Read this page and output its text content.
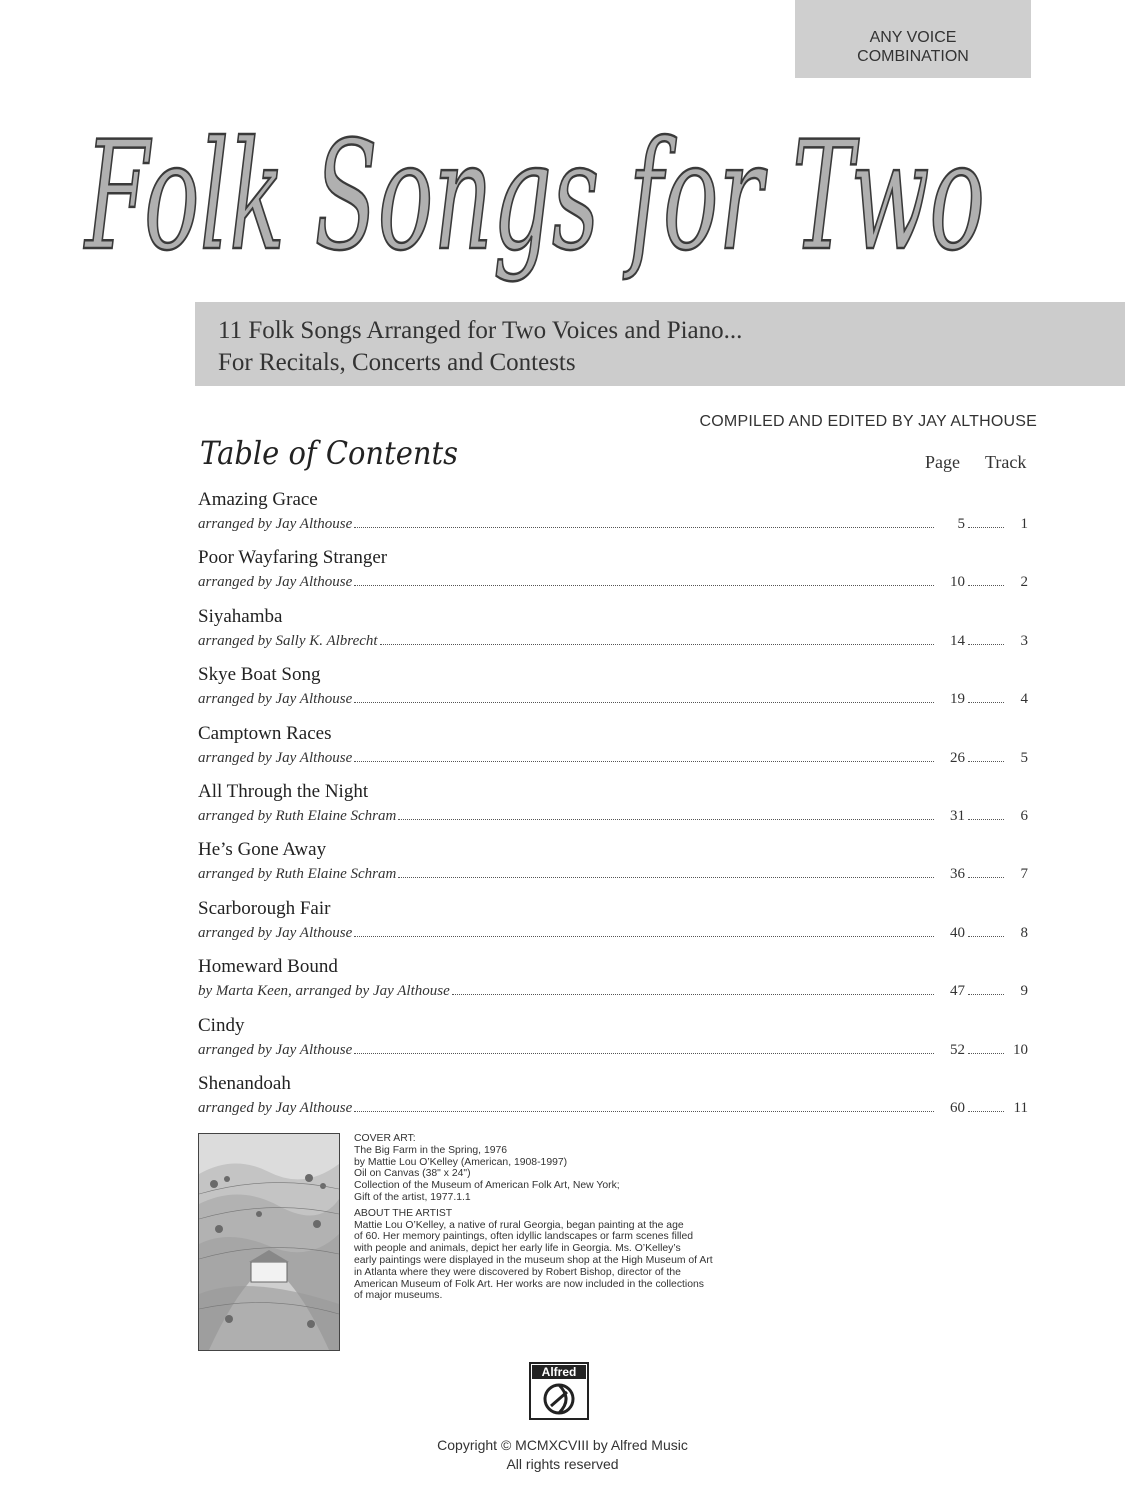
ANY VOICE
COMBINATION
Folk Songs for Two
11 Folk Songs Arranged for Two Voices and Piano...
For Recitals, Concerts and Contests
COMPILED AND EDITED BY JAY ALTHOUSE
Table of Contents	Page Track
Amazing Grace
arranged by Jay Althouse	5	1
Poor Wayfaring Stranger
arranged by Jay Althouse	10	2
Siyahamba
arranged by Sally K. Albrecht	14	3
Skye Boat Song
arranged by Jay Althouse	19	4
Camptown Races
arranged by Jay Althouse	26	5
All Through the Night
arranged by Ruth Elaine Schram	31	6
He’s Gone Away
arranged by Ruth Elaine Schram	36	7
Scarborough Fair
arranged by Jay Althouse	40	8
Homeward Bound
by Marta Keen, arranged by Jay Althouse	47	9
Cindy
arranged by Jay Althouse	52	10
Shenandoah
arranged by Jay Althouse	60	11
COVER ART:
The Big Farm in the Spring, 1976
by Mattie Lou O’Kelley (American, 1908-1997)
Oil on Canvas (38" x 24")
Collection of the Museum of American Folk Art, New York;
Gift of the artist, 1977.1.1
ABOUT THE ARTIST
Mattie Lou O’Kelley, a native of rural Georgia, began painting at the age
of 60. Her memory paintings, often idyllic landscapes or farm scenes filled
with people and animals, depict her early life in Georgia. Ms. O’Kelley’s
early paintings were displayed in the museum shop at the High Museum of Art
in Atlanta where they were discovered by Robert Bishop, director of the
American Museum of Folk Art. Her works are now included in the collections
of major museums.
Alfred
Copyright © MCMXCVIII by Alfred Music
All rights reserved
